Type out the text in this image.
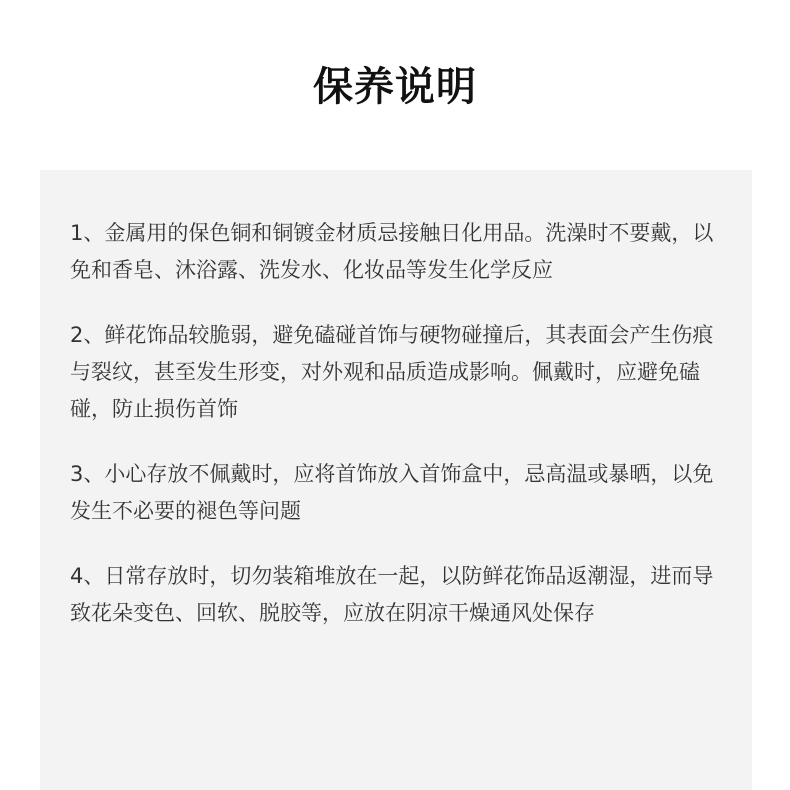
保养说明

1、金属用的保色铜和铜镀金材质忌接触日化用品。洗澡时不要戴，以免和香皂、沐浴露、洗发水、化妆品等发生化学反应

2、鲜花饰品较脆弱，避免磕碰首饰与硬物碰撞后，其表面会产生伤痕与裂纹，甚至发生形变，对外观和品质造成影响。佩戴时，应避免磕碰，防止损伤首饰

3、小心存放不佩戴时，应将首饰放入首饰盒中，忌高温或暴晒，以免发生不必要的褪色等问题

4、日常存放时，切勿装箱堆放在一起，以防鲜花饰品返潮湿，进而导致花朵变色、回软、脱胶等，应放在阴凉干燥通风处保存
